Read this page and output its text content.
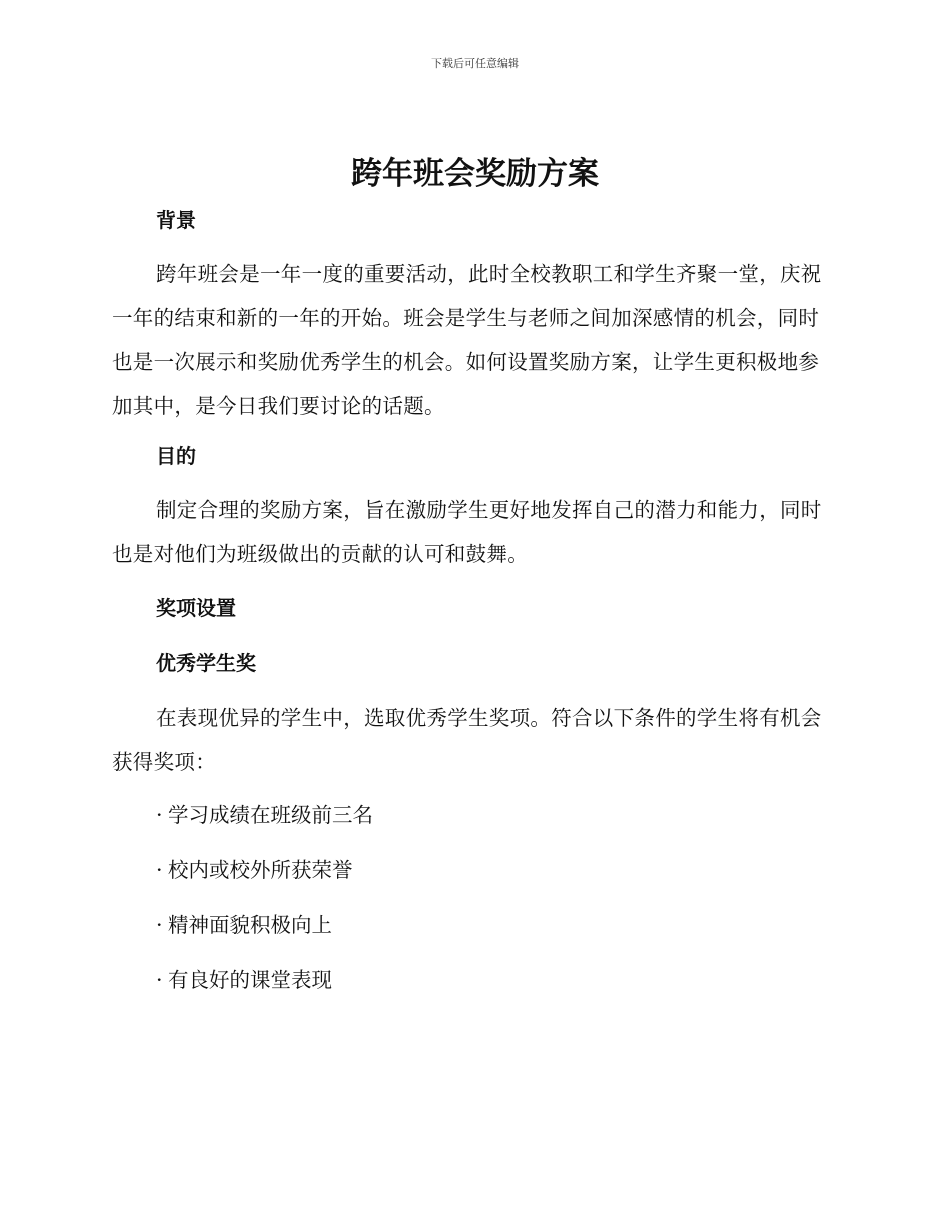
下载后可任意编辑
跨年班会奖励方案
背景

跨年班会是一年一度的重要活动，此时全校教职工和学生齐聚一堂，庆祝一年的结束和新的一年的开始。班会是学生与老师之间加深感情的机会，同时也是一次展示和奖励优秀学生的机会。如何设置奖励方案，让学生更积极地参加其中，是今日我们要讨论的话题。

目的

制定合理的奖励方案，旨在激励学生更好地发挥自己的潜力和能力，同时也是对他们为班级做出的贡献的认可和鼓舞。

奖项设置
优秀学生奖

在表现优异的学生中，选取优秀学生奖项。符合以下条件的学生将有机会获得奖项：

· 学习成绩在班级前三名
· 校内或校外所获荣誉
· 精神面貌积极向上
· 有良好的课堂表现
